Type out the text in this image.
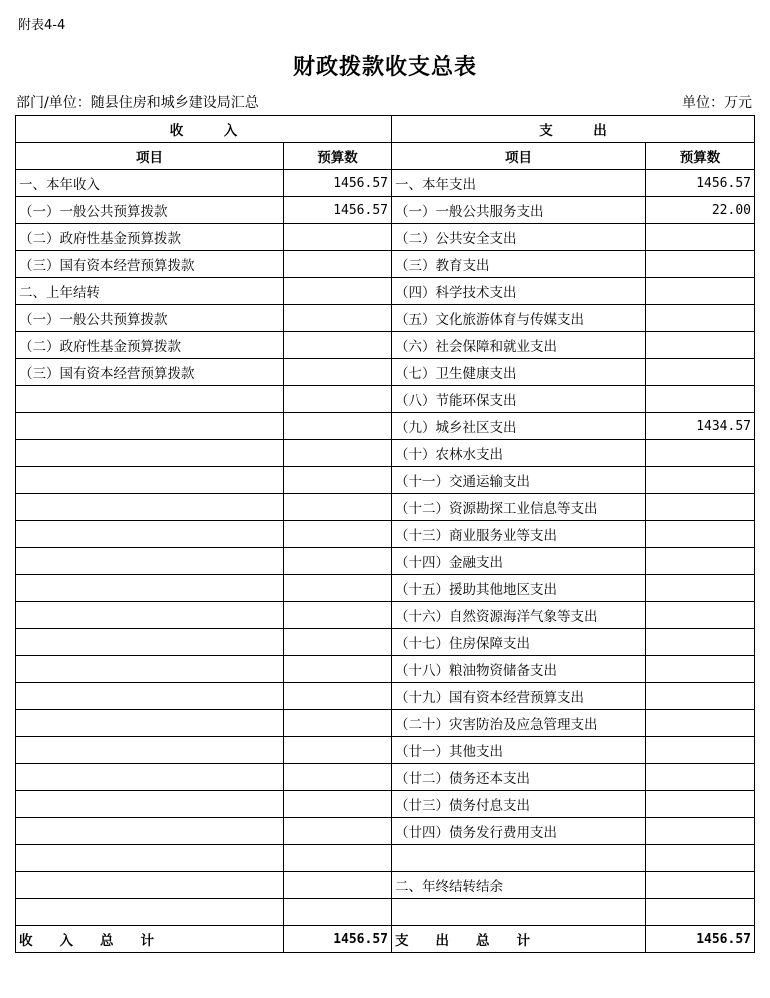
附表4-4
财政拨款收支总表
部门/单位：随县住房和城乡建设局汇总	单位：万元
收　　　入		支　　　出	
项目	预算数	项目	预算数
一、本年收入	1456.57	一、本年支出	1456.57
（一）一般公共预算拨款	1456.57	（一）一般公共服务支出	22.00
（二）政府性基金预算拨款		（二）公共安全支出	
（三）国有资本经营预算拨款		（三）教育支出	
二、上年结转		（四）科学技术支出	
（一）一般公共预算拨款		（五）文化旅游体育与传媒支出	
（二）政府性基金预算拨款		（六）社会保障和就业支出	
（三）国有资本经营预算拨款		（七）卫生健康支出	
		（八）节能环保支出	
		（九）城乡社区支出	1434.57
		（十）农林水支出	
		（十一）交通运输支出	
		（十二）资源勘探工业信息等支出	
		（十三）商业服务业等支出	
		（十四）金融支出	
		（十五）援助其他地区支出	
		（十六）自然资源海洋气象等支出	
		（十七）住房保障支出	
		（十八）粮油物资储备支出	
		（十九）国有资本经营预算支出	
		（二十）灾害防治及应急管理支出	
		（廿一）其他支出	
		（廿二）债务还本支出	
		（廿三）债务付息支出	
		（廿四）债务发行费用支出	

		二、年终结转结余	

收　　入　　总　　计	1456.57	支　　出　　总　　计	1456.57
